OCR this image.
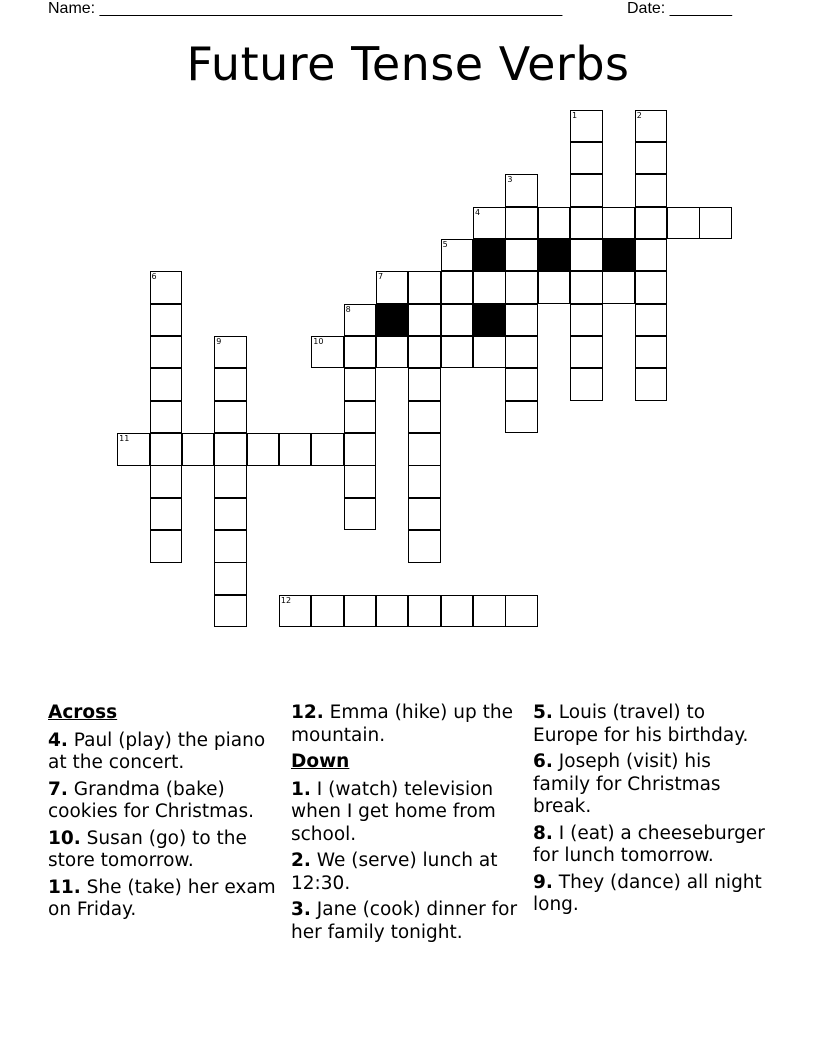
Name: ____________________________________________________	Date: _______
Future Tense Verbs
1	2
3
4
5
6	7
8
9	10
11
12
Across
4. Paul (play) the piano at the concert.
7. Grandma (bake) cookies for Christmas.
10. Susan (go) to the store tomorrow.
11. She (take) her exam on Friday.
12. Emma (hike) up the mountain.
Down
1. I (watch) television when I get home from school.
2. We (serve) lunch at 12:30.
3. Jane (cook) dinner for her family tonight.
5. Louis (travel) to Europe for his birthday.
6. Joseph (visit) his family for Christmas break.
8. I (eat) a cheeseburger for lunch tomorrow.
9. They (dance) all night long.
